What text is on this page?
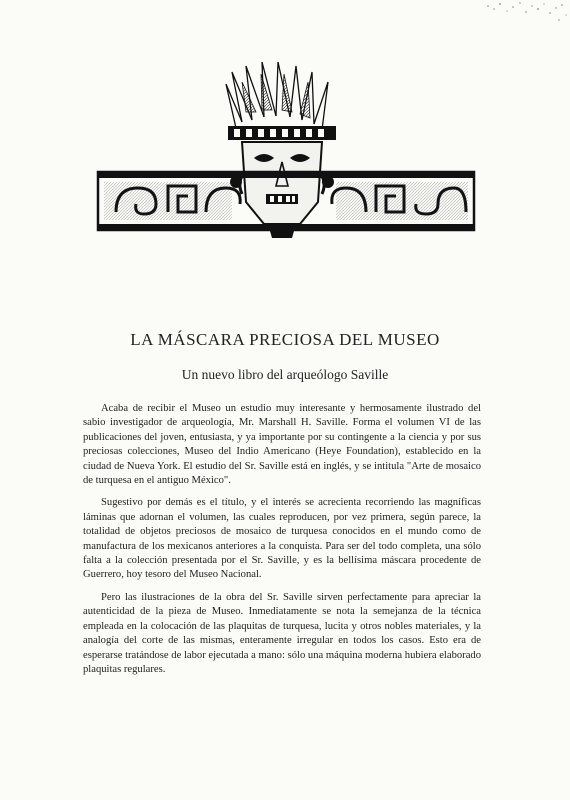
LA MÁSCARA PRECIOSA DEL MUSEO

Un nuevo libro del arqueólogo Saville

Acaba de recibir el Museo un estudio muy interesante y hermosamente ilustrado del sabio investigador de arqueología, Mr. Marshall H. Saville. Forma el volumen VI de las publicaciones del joven, entusiasta, y ya importante por su contingente a la ciencia y por sus preciosas colecciones, Museo del Indio Americano (Heye Foundation), establecido en la ciudad de Nueva York. El estudio del Sr. Saville está en inglés, y se intitula "Arte de mosaico de turquesa en el antiguo México".

Sugestivo por demás es el título, y el interés se acrecienta recorriendo las magníficas láminas que adornan el volumen, las cuales reproducen, por vez primera, según parece, la totalidad de objetos preciosos de mosaico de turquesa conocidos en el mundo como de manufactura de los mexicanos anteriores a la conquista. Para ser del todo completa, una sólo falta a la colección presentada por el Sr. Saville, y es la bellísima máscara procedente de Guerrero, hoy tesoro del Museo Nacional.

Pero las ilustraciones de la obra del Sr. Saville sirven perfectamente para apreciar la autenticidad de la pieza de Museo. Inmediatamente se nota la semejanza de la técnica empleada en la colocación de las plaquitas de turquesa, lucita y otros nobles materiales, y la analogía del corte de las mismas, enteramente irregular en todos los casos. Esto era de esperarse tratándose de labor ejecutada a mano: sólo una máquina moderna hubiera elaborado plaquitas regulares.
